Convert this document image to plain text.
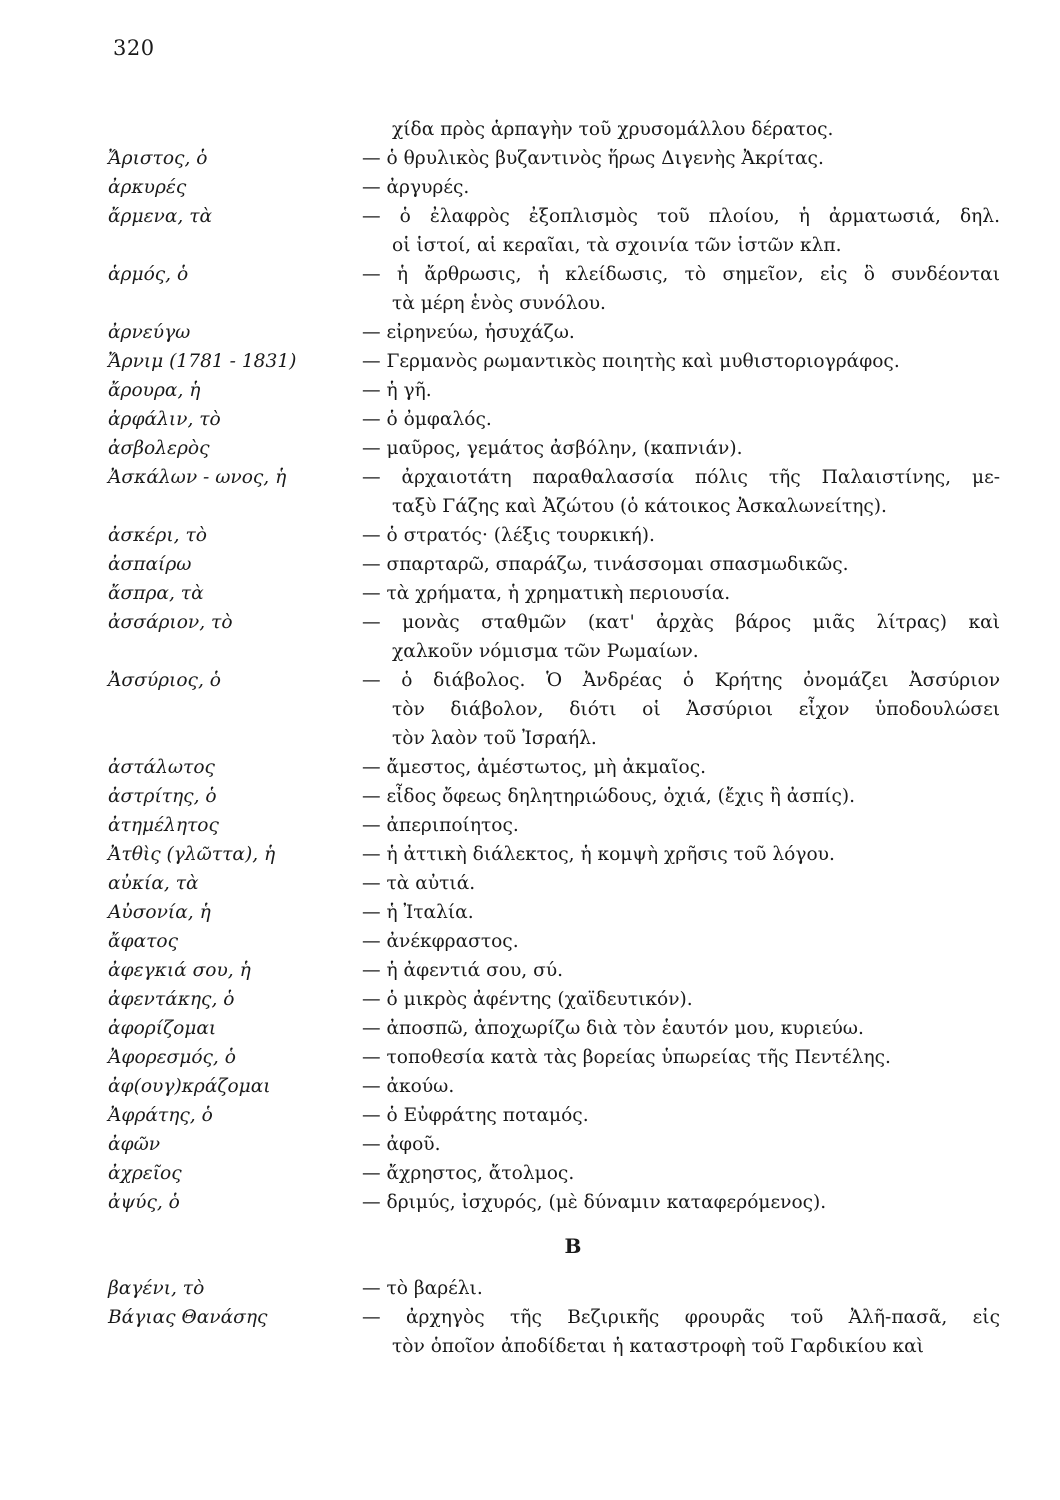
320
χίδα πρὸς ἁρπαγὴν τοῦ χρυσομάλλου δέρατος.
Ἄριστος, ὁ	— ὁ θρυλικὸς βυζαντινὸς ἥρως Διγενὴς Ἀκρίτας.
ἀρκυρές	— ἀργυρές.
ἄρμενα, τὰ	— ὁ ἐλαφρὸς ἐξοπλισμὸς τοῦ πλοίου, ἡ ἀρματωσιά, δηλ.
οἱ ἱστοί, αἱ κεραῖαι, τὰ σχοινία τῶν ἱστῶν κλπ.
ἁρμός, ὁ	— ἡ ἄρθρωσις, ἡ κλείδωσις, τὸ σημεῖον, εἰς ὃ συνδέονται
τὰ μέρη ἑνὸς συνόλου.
ἀρνεύγω	— εἰρηνεύω, ἡσυχάζω.
Ἄρνιμ (1781 - 1831)	— Γερμανὸς ρωμαντικὸς ποιητὴς καὶ μυθιστοριογράφος.
ἄρουρα, ἡ	— ἡ γῆ.
ἀρφάλιν, τὸ	— ὁ ὀμφαλός.
ἀσβολερὸς	— μαῦρος, γεμάτος ἀσβόλην, (καπνιάν).
Ἀσκάλων - ωνος, ἡ	— ἀρχαιοτάτη παραθαλασσία πόλις τῆς Παλαιστίνης, με-
ταξὺ Γάζης καὶ Ἀζώτου (ὁ κάτοικος Ἀσκαλωνείτης).
ἀσκέρι, τὸ	— ὁ στρατός· (λέξις τουρκική).
ἀσπαίρω	— σπαρταρῶ, σπαράζω, τινάσσομαι σπασμωδικῶς.
ἄσπρα, τὰ	— τὰ χρήματα, ἡ χρηματικὴ περιουσία.
ἀσσάριον, τὸ	— μονὰς σταθμῶν (κατ' ἀρχὰς βάρος μιᾶς λίτρας) καὶ
χαλκοῦν νόμισμα τῶν Ρωμαίων.
Ἀσσύριος, ὁ	— ὁ διάβολος. Ὁ Ἀνδρέας ὁ Κρήτης ὀνομάζει Ἀσσύριον
τὸν διάβολον, διότι οἱ Ἀσσύριοι εἶχον ὑποδουλώσει
τὸν λαὸν τοῦ Ἰσραήλ.
ἀστάλωτος	— ἄμεστος, ἀμέστωτος, μὴ ἀκμαῖος.
ἀστρίτης, ὁ	— εἶδος ὄφεως δηλητηριώδους, ὀχιά, (ἔχις ἢ ἀσπίς).
ἀτημέλητος	— ἀπεριποίητος.
Ἀτθὶς (γλῶττα), ἡ	— ἡ ἀττικὴ διάλεκτος, ἡ κομψὴ χρῆσις τοῦ λόγου.
αὐκία, τὰ	— τὰ αὐτιά.
Αὐσονία, ἡ	— ἡ Ἰταλία.
ἄφατος	— ἀνέκφραστος.
ἀφεγκιά σου, ἡ	— ἡ ἀφεντιά σου, σύ.
ἀφεντάκης, ὁ	— ὁ μικρὸς ἀφέντης (χαϊδευτικόν).
ἀφορίζομαι	— ἀποσπῶ, ἀποχωρίζω διὰ τὸν ἑαυτόν μου, κυριεύω.
Ἀφορεσμός, ὁ	— τοποθεσία κατὰ τὰς βορείας ὑπωρείας τῆς Πεντέλης.
ἀφ(ουγ)κράζομαι	— ἀκούω.
Ἀφράτης, ὁ	— ὁ Εὐφράτης ποταμός.
ἀφῶν	— ἀφοῦ.
ἀχρεῖος	— ἄχρηστος, ἄτολμος.
ἀψύς, ὁ	— δριμύς, ἰσχυρός, (μὲ δύναμιν καταφερόμενος).
B
βαγένι, τὸ	— τὸ βαρέλι.
Βάγιας Θανάσης	— ἀρχηγὸς τῆς Βεζιρικῆς φρουρᾶς τοῦ Ἀλῆ-πασᾶ, εἰς
τὸν ὁποῖον ἀποδίδεται ἡ καταστροφὴ τοῦ Γαρδικίου καὶ
